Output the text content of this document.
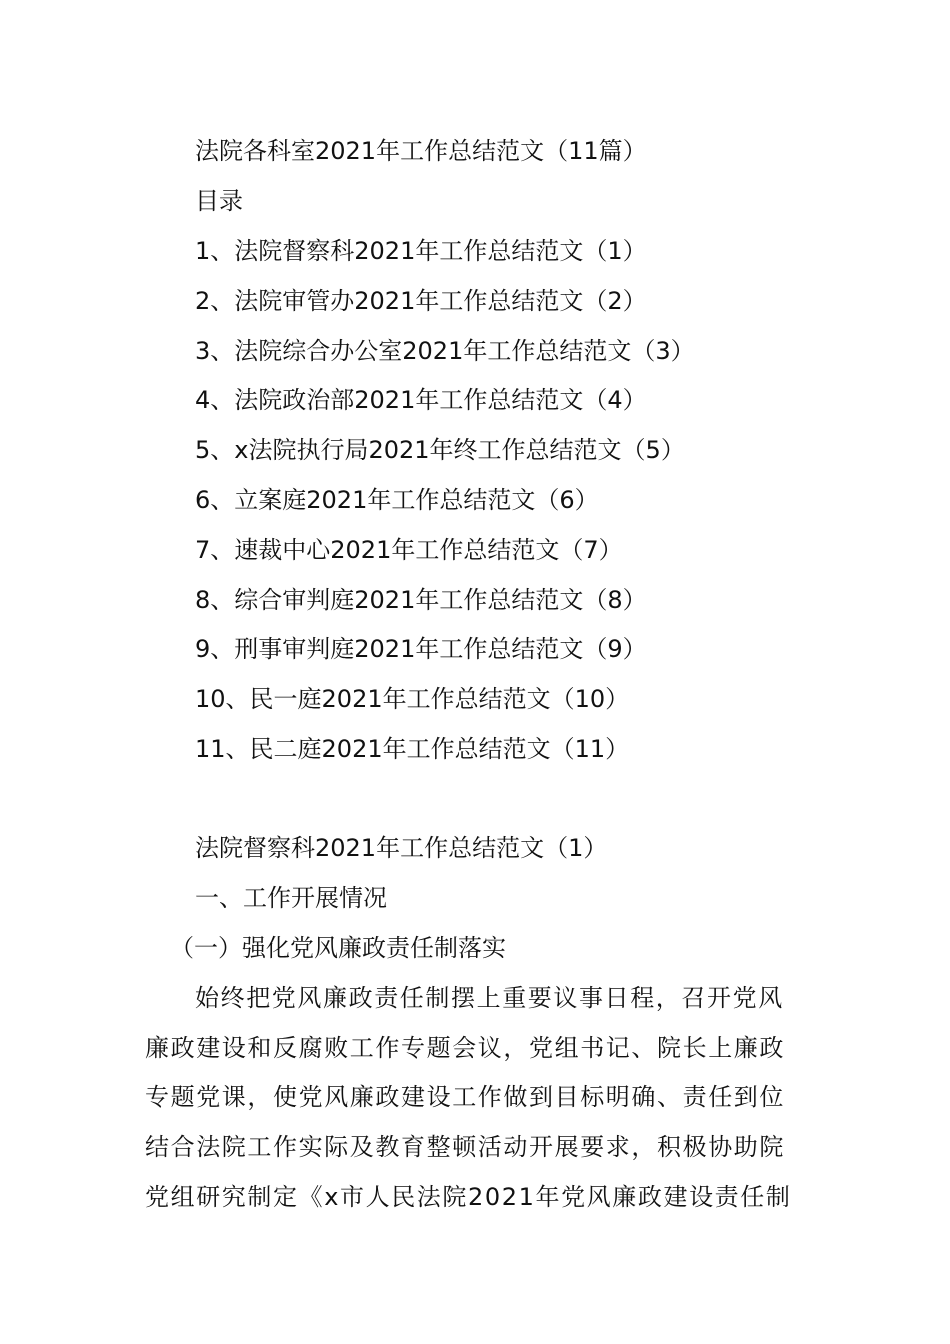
法院各科室2021年工作总结范文（11篇）
目录
1、法院督察科2021年工作总结范文（1）
2、法院审管办2021年工作总结范文（2）
3、法院综合办公室2021年工作总结范文（3）
4、法院政治部2021年工作总结范文（4）
5、x法院执行局2021年终工作总结范文（5）
6、立案庭2021年工作总结范文（6）
7、速裁中心2021年工作总结范文（7）
8、综合审判庭2021年工作总结范文（8）
9、刑事审判庭2021年工作总结范文（9）
10、民一庭2021年工作总结范文（10）
11、民二庭2021年工作总结范文（11）
法院督察科2021年工作总结范文（1）
一、工作开展情况
（一）强化党风廉政责任制落实
始终把党风廉政责任制摆上重要议事日程，召开党风
廉政建设和反腐败工作专题会议，党组书记、院长上廉政
专题党课，使党风廉政建设工作做到目标明确、责任到位
结合法院工作实际及教育整顿活动开展要求，积极协助院
党组研究制定《x市人民法院2021年党风廉政建设责任制
